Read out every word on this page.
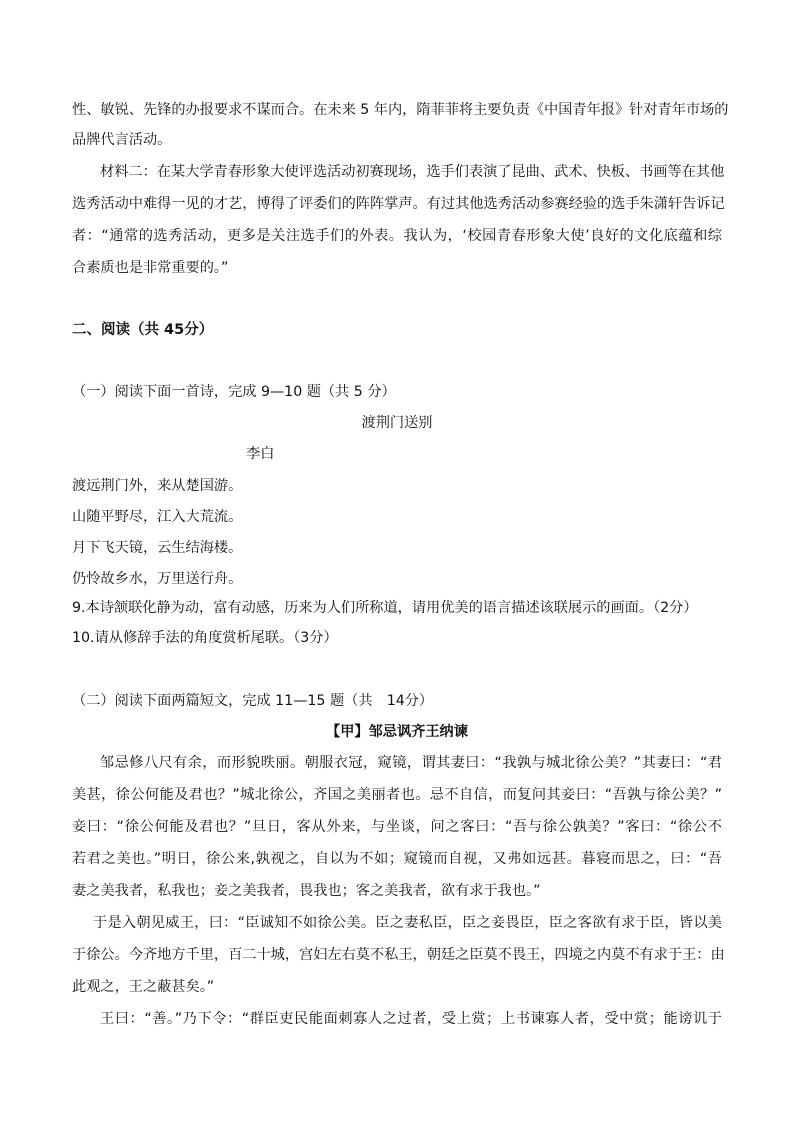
性、敏锐、先锋的办报要求不谋而合。在未来 5 年内，隋菲菲将主要负责《中国青年报》针对青年市场的
品牌代言活动。
材料二：在某大学青春形象大使评选活动初赛现场，选手们表演了昆曲、武术、快板、书画等在其他
选秀活动中难得一见的才艺，博得了评委们的阵阵掌声。有过其他选秀活动参赛经验的选手朱潇轩告诉记
者：“通常的选秀活动，更多是关注选手们的外表。我认为，‘校园青春形象大使’良好的文化底蕴和综
合素质也是非常重要的。”
二、阅读（共 45分）
（一）阅读下面一首诗，完成 9—10 题（共 5 分）
渡荆门送别
李白
渡远荆门外，来从楚国游。
山随平野尽，江入大荒流。
月下飞天镜，云生结海楼。
仍怜故乡水，万里送行舟。
9.本诗颔联化静为动，富有动感，历来为人们所称道，请用优美的语言描述该联展示的画面。（2分）
10.请从修辞手法的角度赏析尾联。（3分）
（二）阅读下面两篇短文，完成 11—15 题（共　14分）
【甲】邹忌讽齐王纳谏
邹忌修八尺有余，而形貌昳丽。朝服衣冠，窥镜，谓其妻曰：“我孰与城北徐公美？”其妻曰：“君
美甚，徐公何能及君也？”城北徐公，齐国之美丽者也。忌不自信，而复问其妾曰：“吾孰与徐公美？”
妾曰：“徐公何能及君也？”旦日，客从外来，与坐谈，问之客曰：“吾与徐公孰美？”客曰：“徐公不
若君之美也。”明日，徐公来,孰视之，自以为不如；窥镜而自视，又弗如远甚。暮寝而思之，曰：“吾
妻之美我者，私我也；妾之美我者，畏我也；客之美我者，欲有求于我也。”
于是入朝见威王，曰：“臣诚知不如徐公美。臣之妻私臣，臣之妾畏臣，臣之客欲有求于臣，皆以美
于徐公。今齐地方千里，百二十城，宫妇左右莫不私王，朝廷之臣莫不畏王，四境之内莫不有求于王：由
此观之，王之蔽甚矣。”
王曰：“善。”乃下令：“群臣吏民能面刺寡人之过者，受上赏；上书谏寡人者，受中赏；能谤讥于
